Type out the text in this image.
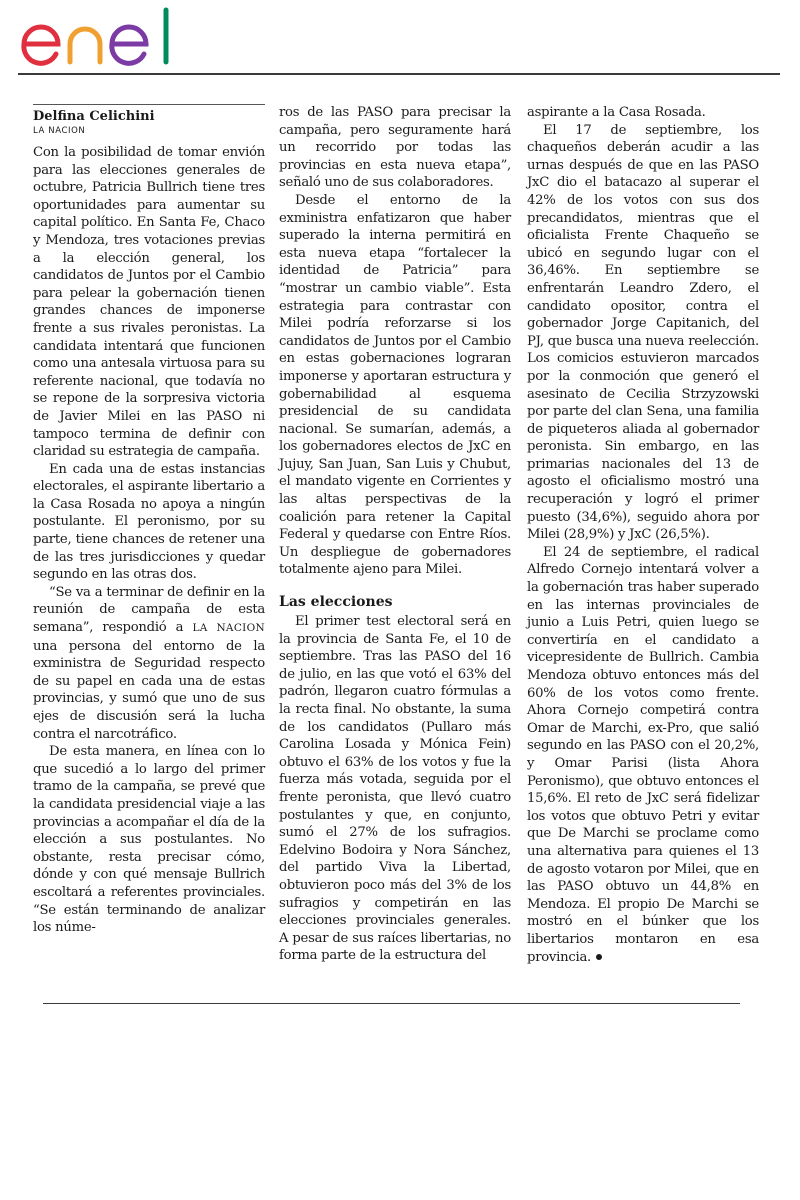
Delfina Celichini
LA NACION

Con la posibilidad de tomar envión para las elecciones generales de octubre, Patricia Bullrich tiene tres oportunidades para aumentar su capital político. En Santa Fe, Chaco y Mendoza, tres votaciones previas a la elección general, los candidatos de Juntos por el Cambio para pelear la gobernación tienen grandes chances de imponerse frente a sus rivales peronistas. La candidata intentará que funcionen como una antesala virtuosa para su referente nacional, que todavía no se repone de la sorpresiva victoria de Javier Milei en las PASO ni tampoco termina de definir con claridad su estrategia de campaña.

En cada una de estas instancias electorales, el aspirante libertario a la Casa Rosada no apoya a ningún postulante. El peronismo, por su parte, tiene chances de retener una de las tres jurisdicciones y quedar segundo en las otras dos.

“Se va a terminar de definir en la reunión de campaña de esta semana”, respondió a LA NACION una persona del entorno de la exministra de Seguridad respecto de su papel en cada una de estas provincias, y sumó que uno de sus ejes de discusión será la lucha contra el narcotráfico.

De esta manera, en línea con lo que sucedió a lo largo del primer tramo de la campaña, se prevé que la candidata presidencial viaje a las provincias a acompañar el día de la elección a sus postulantes. No obstante, resta precisar cómo, dónde y con qué mensaje Bullrich escoltará a referentes provinciales. “Se están terminando de analizar los núme-

ros de las PASO para precisar la campaña, pero seguramente hará un recorrido por todas las provincias en esta nueva etapa”, señaló uno de sus colaboradores.

Desde el entorno de la exministra enfatizaron que haber superado la interna permitirá en esta nueva etapa “fortalecer la identidad de Patricia” para “mostrar un cambio viable”. Esta estrategia para contrastar con Milei podría reforzarse si los candidatos de Juntos por el Cambio en estas gobernaciones lograran imponerse y aportaran estructura y gobernabilidad al esquema presidencial de su candidata nacional. Se sumarían, además, a los gobernadores electos de JxC en Jujuy, San Juan, San Luis y Chubut, el mandato vigente en Corrientes y las altas perspectivas de la coalición para retener la Capital Federal y quedarse con Entre Ríos. Un despliegue de gobernadores totalmente ajeno para Milei.

Las elecciones

El primer test electoral será en la provincia de Santa Fe, el 10 de septiembre. Tras las PASO del 16 de julio, en las que votó el 63% del padrón, llegaron cuatro fórmulas a la recta final. No obstante, la suma de los candidatos (Pullaro más Carolina Losada y Mónica Fein) obtuvo el 63% de los votos y fue la fuerza más votada, seguida por el frente peronista, que llevó cuatro postulantes y que, en conjunto, sumó el 27% de los sufragios. Edelvino Bodoira y Nora Sánchez, del partido Viva la Libertad, obtuvieron poco más del 3% de los sufragios y competirán en las elecciones provinciales generales. A pesar de sus raíces libertarias, no forma parte de la estructura del

aspirante a la Casa Rosada.

El 17 de septiembre, los chaqueños deberán acudir a las urnas después de que en las PASO JxC dio el batacazo al superar el 42% de los votos con sus dos precandidatos, mientras que el oficialista Frente Chaqueño se ubicó en segundo lugar con el 36,46%. En septiembre se enfrentarán Leandro Zdero, el candidato opositor, contra el gobernador Jorge Capitanich, del PJ, que busca una nueva reelección. Los comicios estuvieron marcados por la conmoción que generó el asesinato de Cecilia Strzyzowski por parte del clan Sena, una familia de piqueteros aliada al gobernador peronista. Sin embargo, en las primarias nacionales del 13 de agosto el oficialismo mostró una recuperación y logró el primer puesto (34,6%), seguido ahora por Milei (28,9%) y JxC (26,5%).

El 24 de septiembre, el radical Alfredo Cornejo intentará volver a la gobernación tras haber superado en las internas provinciales de junio a Luis Petri, quien luego se convertiría en el candidato a vicepresidente de Bullrich. Cambia Mendoza obtuvo entonces más del 60% de los votos como frente. Ahora Cornejo competirá contra Omar de Marchi, ex-Pro, que salió segundo en las PASO con el 20,2%, y Omar Parisi (lista Ahora Peronismo), que obtuvo entonces el 15,6%. El reto de JxC será fidelizar los votos que obtuvo Petri y evitar que De Marchi se proclame como una alternativa para quienes el 13 de agosto votaron por Milei, que en las PASO obtuvo un 44,8% en Mendoza. El propio De Marchi se mostró en el búnker que los libertarios montaron en esa provincia.
